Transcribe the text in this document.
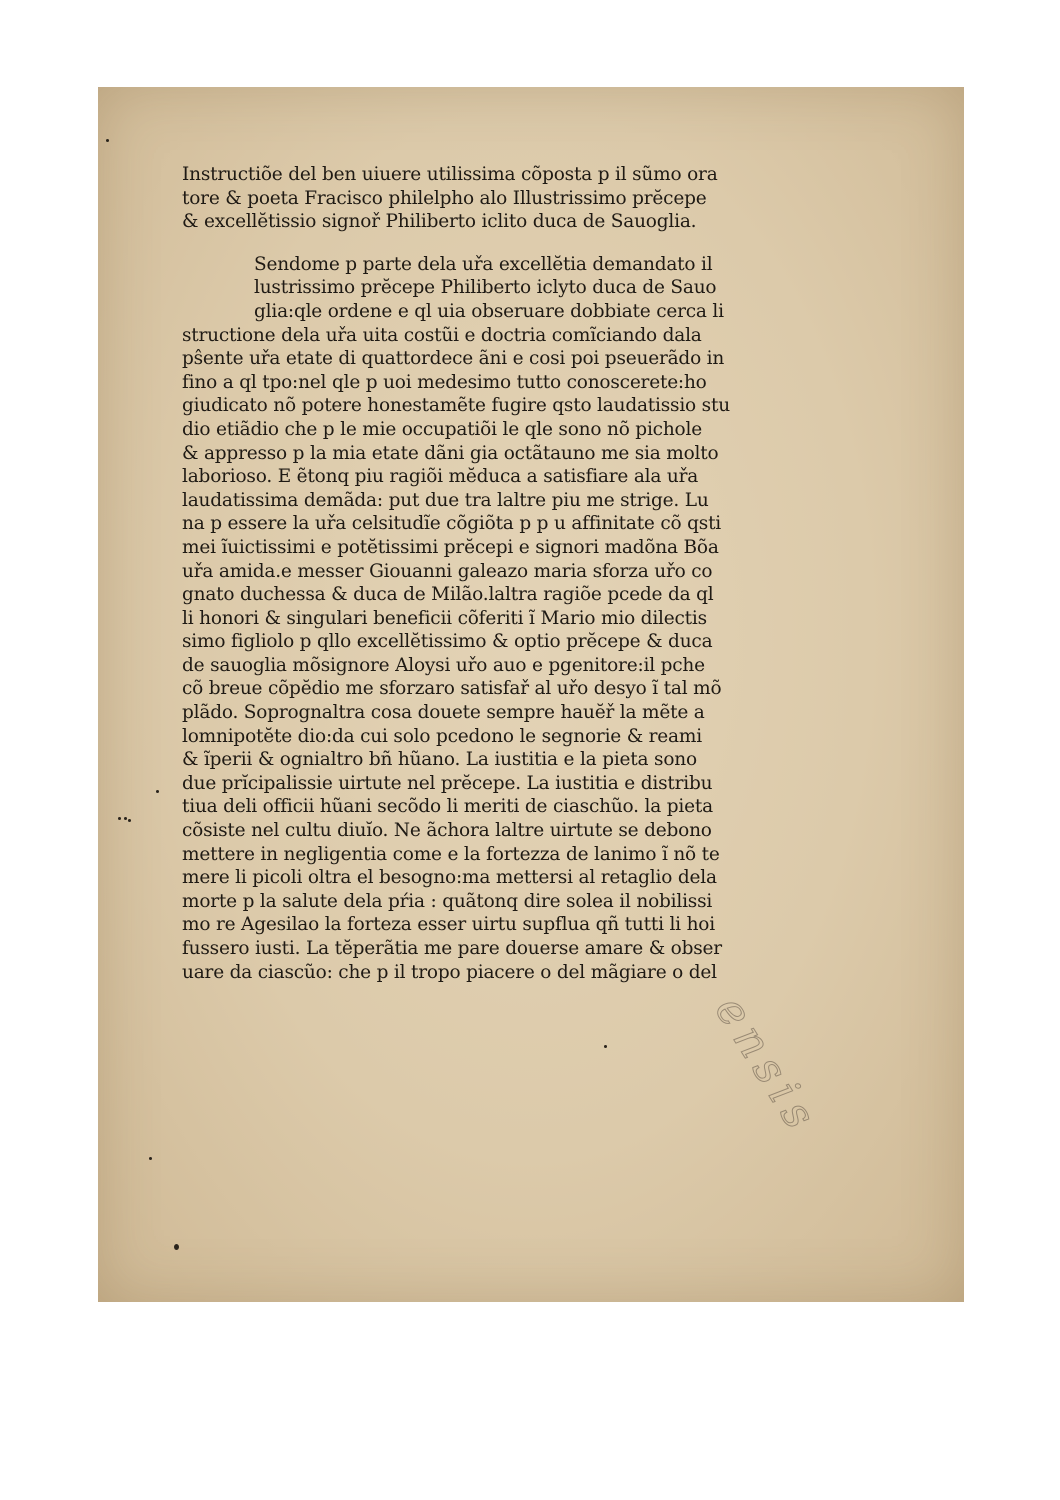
Instructiõe del ben uiuere utilissima cõposta p il sũmo ora
tore & poeta Fracisco philelpho alo Illustrissimo prĕcepe
& excellĕtissio signoř Philiberto iclito duca de Sauoglia.
Sendome p parte dela uřa excellĕtia demandato il
lustrissimo prĕcepe Philiberto iclyto duca de Sauo
glia:qle ordene e ql uia obseruare dobbiate cerca li
structione dela uřa uita costũi e doctria comĩciando dala
pŝente uřa etate di quattordece ãni e cosi poi pseuerãdo in
fino a ql tpo:nel qle p uoi medesimo tutto conoscerete:ho
giudicato nõ potere honestamẽte fugire qsto laudatissio stu
dio etiãdio che p le mie occupatiõi le qle sono nõ pichole
& appresso p la mia etate dãni gia octãtauno me sia molto
laborioso. E ẽtonq piu ragiõi mĕduca a satisfiare ala uřa
laudatissima demãda: put due tra laltre piu me strige. Lu
na p essere la uřa celsitudĩe cõgiõta p p u affinitate cõ qsti
mei ĩuictissimi e potĕtissimi prĕcepi e signori madõna Bõa
uřa amida.e messer Giouanni galeazo maria sforza uřo co
gnato duchessa & duca de Milão.laltra ragiõe pcede da ql
li honori & singulari beneficii cõferiti ĩ Mario mio dilectis
simo figliolo p qllo excellĕtissimo & optio prĕcepe & duca
de sauoglia mõsignore Aloysi uřo auo e pgenitore:il pche
cõ breue cõpĕdio me sforzaro satisfař al uřo desyo ĩ tal mõ
plãdo. Soprognaltra cosa douete sempre hauĕř la mẽte a
lomnipotĕte dio:da cui solo pcedono le segnorie & reami
& ĩperii & ognialtro bñ hũano. La iustitia e la pieta sono
due prĭcipalissie uirtute nel prĕcepe. La iustitia e distribu
tiua deli officii hũani secõdo li meriti de ciaschũo. la pieta
cõsiste nel cultu diuĭo. Ne ãchora laltre uirtute se debono
mettere in negligentia come e la fortezza de lanimo ĩ nõ te
mere li picoli oltra el besogno:ma mettersi al retaglio dela
morte p la salute dela pŕia : quãtonq dire solea il nobilissi
mo re Agesilao la forteza esser uirtu supflua qñ tutti li hoi
fussero iusti. La tĕperãtia me pare douerse amare & obser
uare da ciascũo: che p il tropo piacere o del mãgiare o del
ensis
